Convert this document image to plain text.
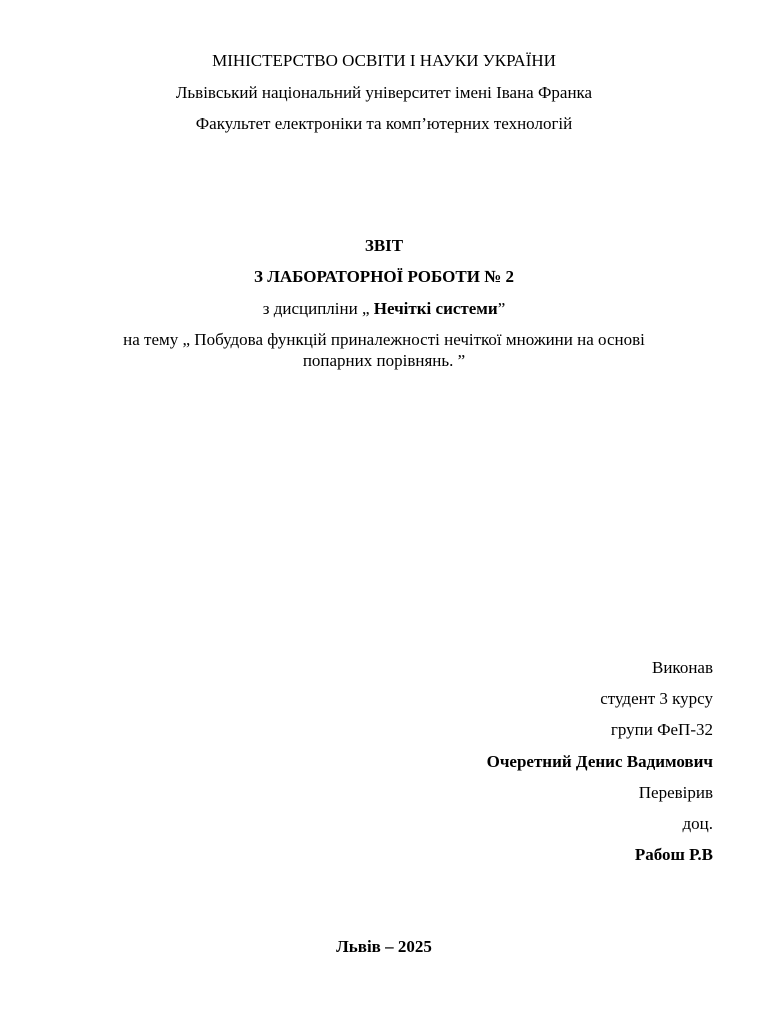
МІНІСТЕРСТВО ОСВІТИ І НАУКИ УКРАЇНИ
Львівський національний університет імені Івана Франка
Факультет електроніки та комп’ютерних технологій
ЗВІТ
З ЛАБОРАТОРНОЇ РОБОТИ № 2
з дисципліни „ Нечіткі системи”
на тему „ Побудова функцій приналежності нечіткої множини на основі попарних порівнянь. ”
Виконав
студент 3 курсу
групи ФеП-32
Очеретний Денис Вадимович
Перевірив
доц.
Рабош Р.В
Львів – 2025
